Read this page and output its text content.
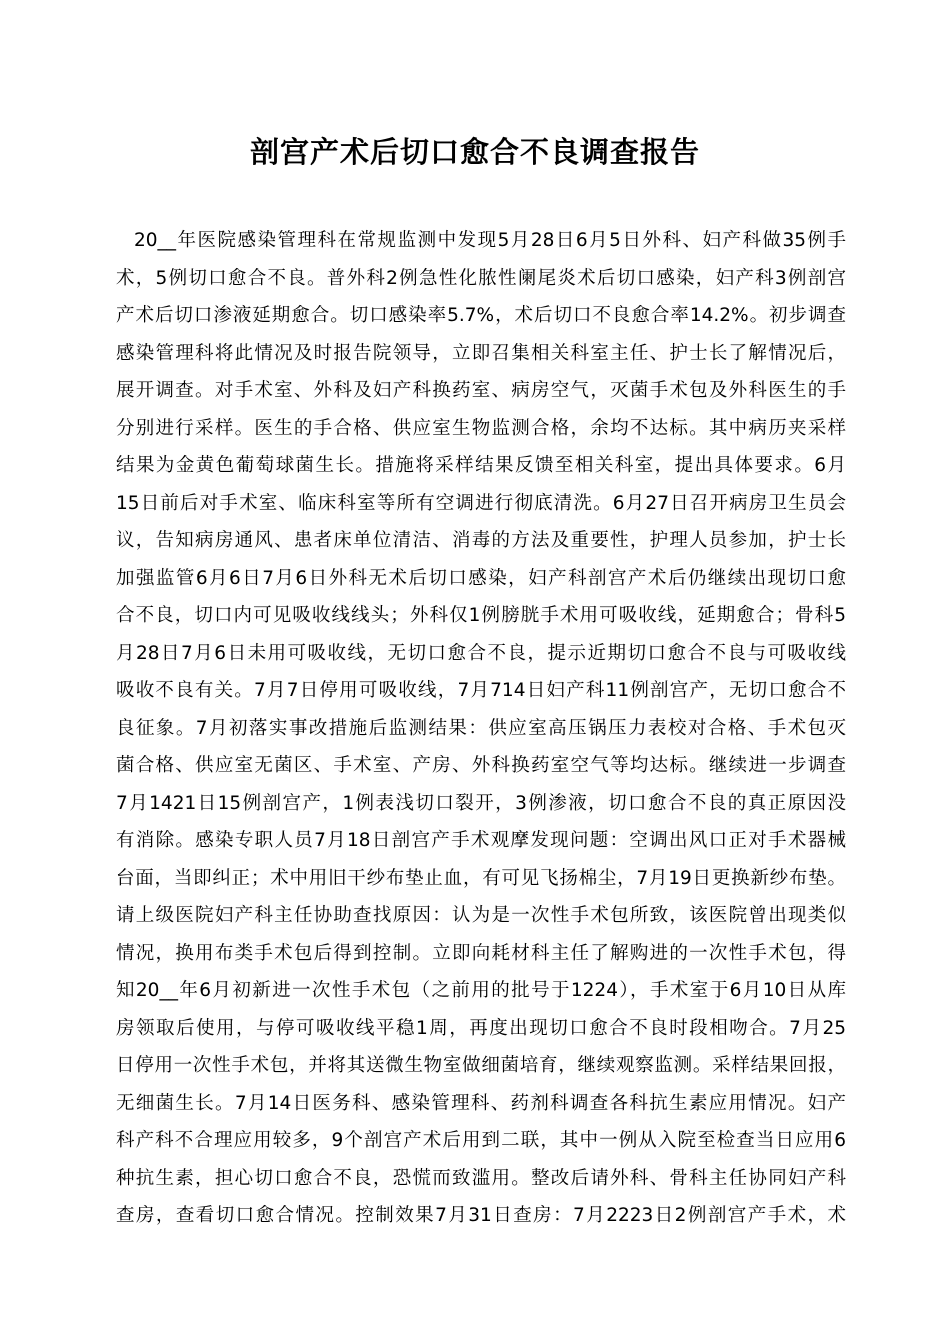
剖宫产术后切口愈合不良调查报告
20__年医院感染管理科在常规监测中发现5月28日6月5日外科、妇产科做35例手
术，5例切口愈合不良。普外科2例急性化脓性阑尾炎术后切口感染，妇产科3例剖宫
产术后切口渗液延期愈合。切口感染率5.7%，术后切口不良愈合率14.2%。初步调查
感染管理科将此情况及时报告院领导，立即召集相关科室主任、护士长了解情况后，
展开调查。对手术室、外科及妇产科换药室、病房空气，灭菌手术包及外科医生的手
分别进行采样。医生的手合格、供应室生物监测合格，余均不达标。其中病历夹采样
结果为金黄色葡萄球菌生长。措施将采样结果反馈至相关科室，提出具体要求。6月
15日前后对手术室、临床科室等所有空调进行彻底清洗。6月27日召开病房卫生员会
议，告知病房通风、患者床单位清洁、消毒的方法及重要性，护理人员参加，护士长
加强监管6月6日7月6日外科无术后切口感染，妇产科剖宫产术后仍继续出现切口愈
合不良，切口内可见吸收线线头；外科仅1例膀胱手术用可吸收线，延期愈合；骨科5
月28日7月6日未用可吸收线，无切口愈合不良，提示近期切口愈合不良与可吸收线
吸收不良有关。7月7日停用可吸收线，7月714日妇产科11例剖宫产，无切口愈合不
良征象。7月初落实事改措施后监测结果：供应室高压锅压力表校对合格、手术包灭
菌合格、供应室无菌区、手术室、产房、外科换药室空气等均达标。继续进一步调查
7月1421日15例剖宫产，1例表浅切口裂开，3例渗液，切口愈合不良的真正原因没
有消除。感染专职人员7月18日剖宫产手术观摩发现问题：空调出风口正对手术器械
台面，当即纠正；术中用旧干纱布垫止血，有可见飞扬棉尘，7月19日更换新纱布垫。
请上级医院妇产科主任协助查找原因：认为是一次性手术包所致，该医院曾出现类似
情况，换用布类手术包后得到控制。立即向耗材科主任了解购进的一次性手术包，得
知20__年6月初新进一次性手术包（之前用的批号于1224），手术室于6月10日从库
房领取后使用，与停可吸收线平稳1周，再度出现切口愈合不良时段相吻合。7月25
日停用一次性手术包，并将其送微生物室做细菌培育，继续观察监测。采样结果回报，
无细菌生长。7月14日医务科、感染管理科、药剂科调查各科抗生素应用情况。妇产
科产科不合理应用较多，9个剖宫产术后用到二联，其中一例从入院至检查当日应用6
种抗生素，担心切口愈合不良，恐慌而致滥用。整改后请外科、骨科主任协同妇产科
查房，查看切口愈合情况。控制效果7月31日查房：7月2223日2例剖宫产手术，术
